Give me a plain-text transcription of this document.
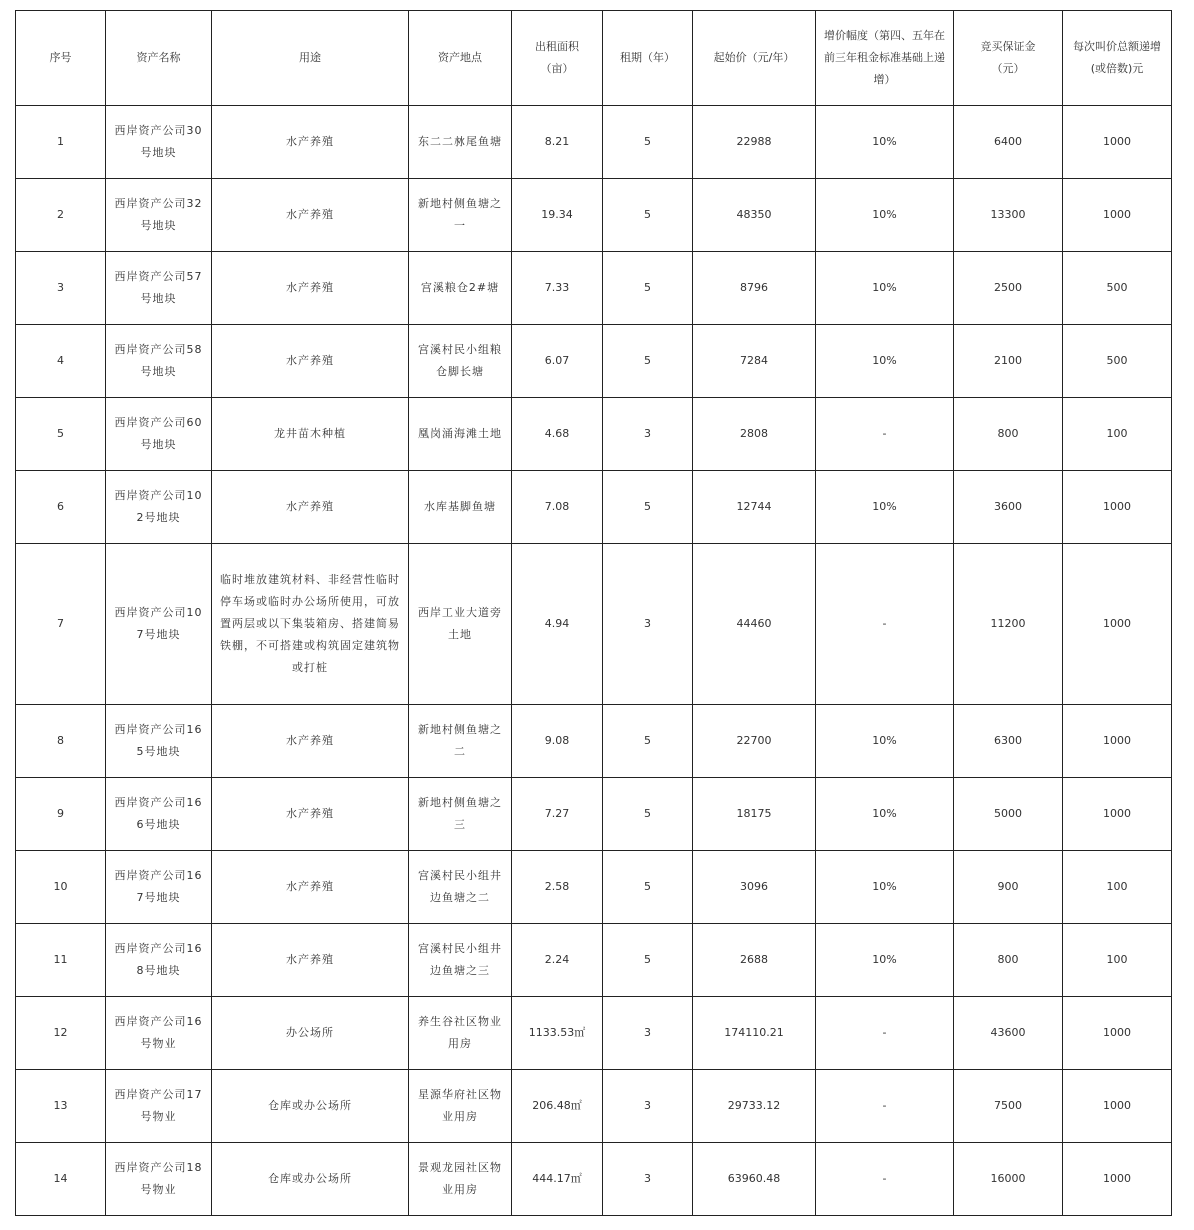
序号	资产名称	用途	资产地点	出租面积（亩）	租期（年）	起始价（元/年）	增价幅度（第四、五年在前三年租金标准基础上递增）	竞买保证金（元）	每次叫价总额递增(或倍数)元
1	西岸资产公司30号地块	水产养殖	东二二沝尾鱼塘	8.21	5	22988	10%	6400	1000
2	西岸资产公司32号地块	水产养殖	新地村侧鱼塘之一	19.34	5	48350	10%	13300	1000
3	西岸资产公司57号地块	水产养殖	宫溪粮仓2#塘	7.33	5	8796	10%	2500	500
4	西岸资产公司58号地块	水产养殖	宫溪村民小组粮仓脚长塘	6.07	5	7284	10%	2100	500
5	西岸资产公司60号地块	龙井苗木种植	凰岗涌海滩土地	4.68	3	2808	-	800	100
6	西岸资产公司102号地块	水产养殖	水库基脚鱼塘	7.08	5	12744	10%	3600	1000
7	西岸资产公司107号地块	临时堆放建筑材料、非经营性临时停车场或临时办公场所使用，可放置两层或以下集装箱房、搭建简易铁棚，不可搭建或构筑固定建筑物或打桩	西岸工业大道旁土地	4.94	3	44460	-	11200	1000
8	西岸资产公司165号地块	水产养殖	新地村侧鱼塘之二	9.08	5	22700	10%	6300	1000
9	西岸资产公司166号地块	水产养殖	新地村侧鱼塘之三	7.27	5	18175	10%	5000	1000
10	西岸资产公司167号地块	水产养殖	宫溪村民小组井边鱼塘之二	2.58	5	3096	10%	900	100
11	西岸资产公司168号地块	水产养殖	宫溪村民小组井边鱼塘之三	2.24	5	2688	10%	800	100
12	西岸资产公司16号物业	办公场所	养生谷社区物业用房	1133.53㎡	3	174110.21	-	43600	1000
13	西岸资产公司17号物业	仓库或办公场所	星源华府社区物业用房	206.48㎡	3	29733.12	-	7500	1000
14	西岸资产公司18号物业	仓库或办公场所	景观龙园社区物业用房	444.17㎡	3	63960.48	-	16000	1000
